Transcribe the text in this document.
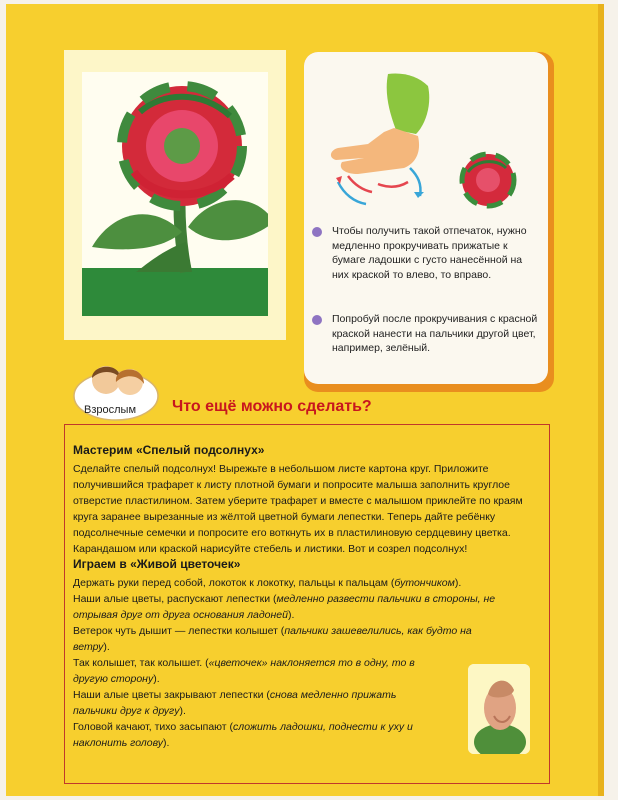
Чтобы получить такой отпечаток, нужно медленно прокручивать прижатые к бумаге ладошки с густо нанесённой на них краской то влево, то вправо.
Попробуй после прокручивания с красной краской нанести на пальчики другой цвет, например, зелёный.
Взрослым Что ещё можно сделать?
Мастерим «Спелый подсолнух»
Сделайте спелый подсолнух! Вырежьте в небольшом листе картона круг. Приложите получившийся трафарет к листу плотной бумаги и попросите малыша заполнить круглое отверстие пластилином. Затем уберите трафарет и вместе с малышом приклейте по краям круга заранее вырезанные из жёлтой цветной бумаги лепестки. Теперь дайте ребёнку подсолнечные семечки и попросите его воткнуть их в пластилиновую сердцевину цветка. Карандашом или краской нарисуйте стебель и листики. Вот и созрел подсолнух!
Играем в «Живой цветочек»
Держать руки перед собой, локоток к локотку, пальцы к пальцам (бутончиком).
Наши алые цветы, распускают лепестки (медленно развести пальчики в стороны, не
отрывая друг от друга основания ладоней).
Ветерок чуть дышит — лепестки колышет (пальчики зашевелились, как будто на
ветру).
Так колышет, так колышет. («цветочек» наклоняется то в одну, то в
другую сторону).
Наши алые цветы закрывают лепестки (снова медленно прижать
пальчики друг к другу).
Головой качают, тихо засыпают (сложить ладошки, поднести к уху и
наклонить голову).
